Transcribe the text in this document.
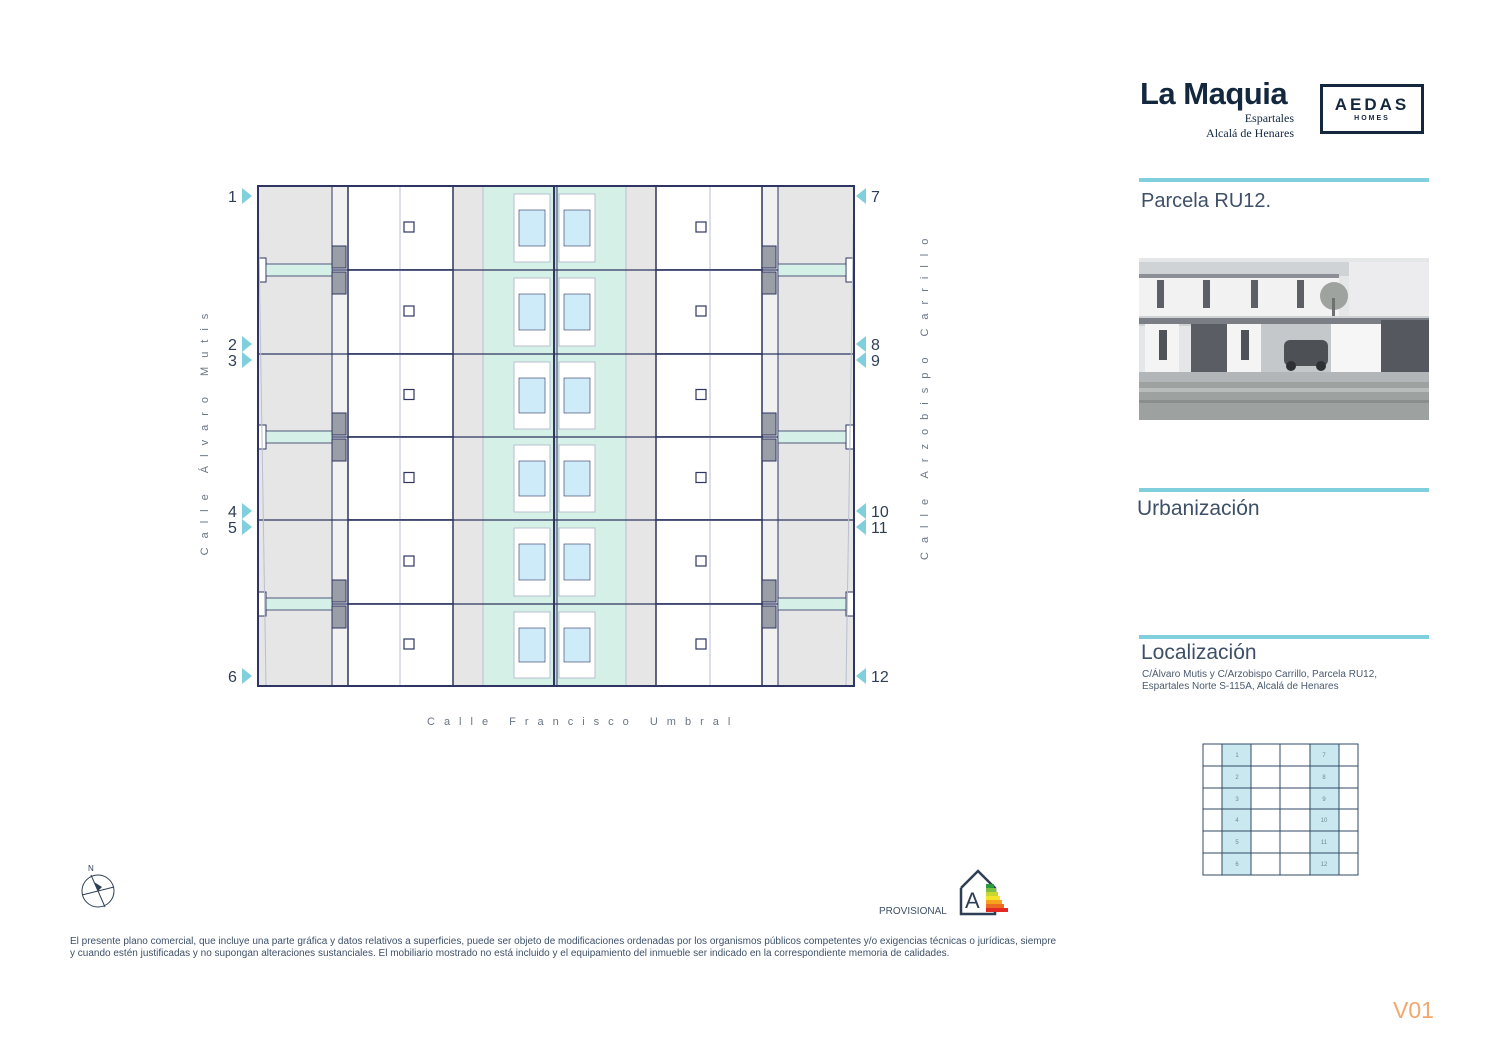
La Maquia
Espartales
Alcalá de Henares
AEDAS
HOMES
Parcela RU12.
Urbanización
Localización
C/Álvaro Mutis y C/Arzobispo Carrillo, Parcela RU12,
Espartales Norte S-115A, Alcalá de Henares
1
2
3
4
5
6
7
8
9
10
11
12
Calle Álvaro Mutis	Calle Arzobispo Carrillo
Calle Francisco Umbral
N
PROVISIONAL A
El presente plano comercial, que incluye una parte gráfica y datos relativos a superficies, puede ser objeto de modificaciones ordenadas por los organismos públicos competentes y/o exigencias técnicas o jurídicas, siempre y cuando estén justificadas y no supongan alteraciones sustanciales. El mobiliario mostrado no está incluido y el equipamiento del inmueble ser indicado en la correspondiente memoria de calidades.
V01
1
2
3
4
5
6
7
8
9
10
11
12
